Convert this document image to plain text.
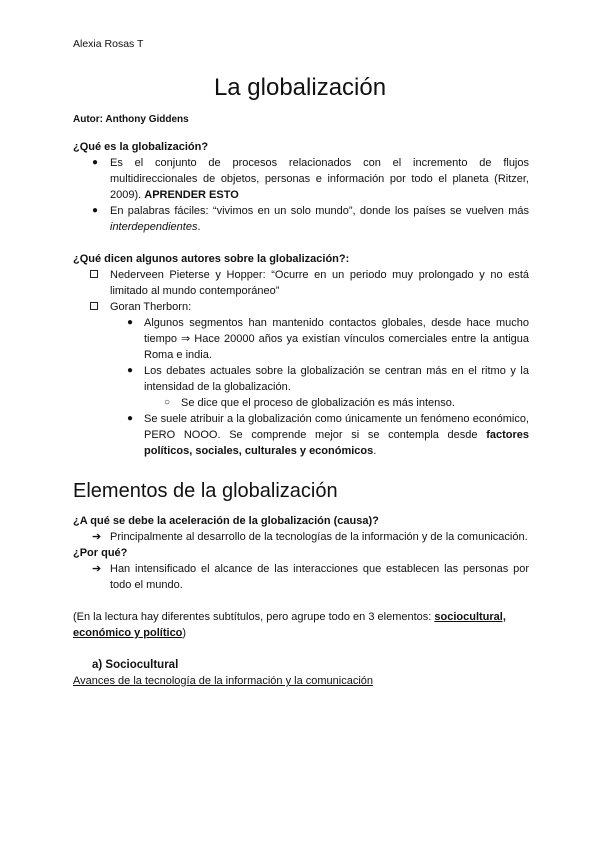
Alexia Rosas T
La globalización
Autor: Anthony Giddens
¿Qué es la globalización?
● Es el conjunto de procesos relacionados con el incremento de flujos multidireccionales de objetos, personas e información por todo el planeta (Ritzer, 2009). APRENDER ESTO
● En palabras fáciles: “vivimos en un solo mundo”, donde los países se vuelven más interdependientes.
¿Qué dicen algunos autores sobre la globalización?:
Nederveen Pieterse y Hopper: “Ocurre en un periodo muy prolongado y no está limitado al mundo contemporáneo”
Goran Therborn:
● Algunos segmentos han mantenido contactos globales, desde hace mucho tiempo ⇒ Hace 20000 años ya existían vínculos comerciales entre la antigua Roma e india.
● Los debates actuales sobre la globalización se centran más en el ritmo y la intensidad de la globalización.
○ Se dice que el proceso de globalización es más intenso.
● Se suele atribuir a la globalización como únicamente un fenómeno económico, PERO NOOO. Se comprende mejor si se contempla desde factores políticos, sociales, culturales y económicos.
Elementos de la globalización
¿A qué se debe la aceleración de la globalización (causa)?
➔ Principalmente al desarrollo de la tecnologías de la información y de la comunicación.
¿Por qué?
➔ Han intensificado el alcance de las interacciones que establecen las personas por todo el mundo.
(En la lectura hay diferentes subtítulos, pero agrupe todo en 3 elementos: sociocultural, económico y político)
a) Sociocultural
Avances de la tecnología de la información y la comunicación
